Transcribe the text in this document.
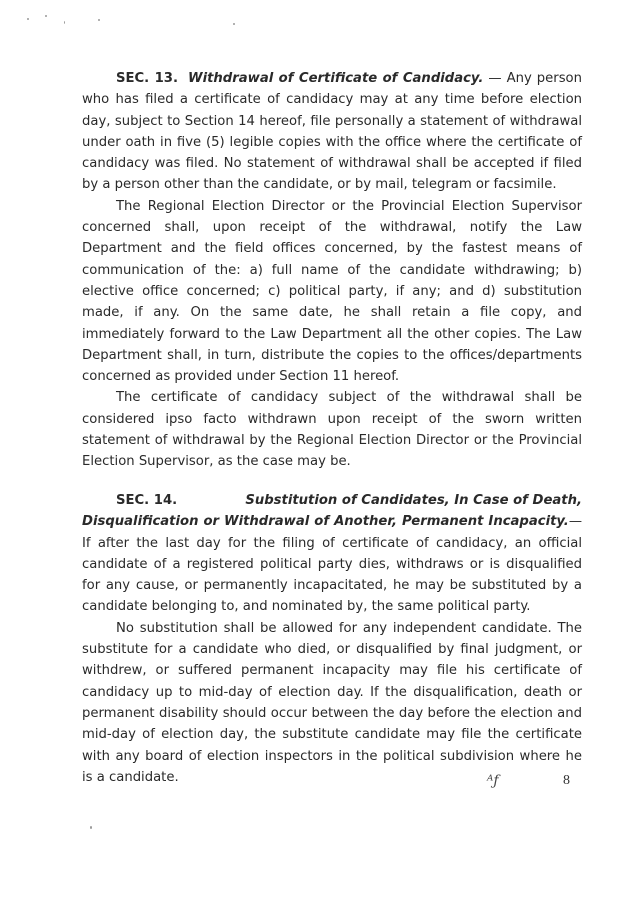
SEC. 13. Withdrawal of Certificate of Candidacy. — Any person who has filed a certificate of candidacy may at any time before election day, subject to Section 14 hereof, file personally a statement of withdrawal under oath in five (5) legible copies with the office where the certificate of candidacy was filed. No statement of withdrawal shall be accepted if filed by a person other than the candidate, or by mail, telegram or facsimile.

The Regional Election Director or the Provincial Election Supervisor concerned shall, upon receipt of the withdrawal, notify the Law Department and the field offices concerned, by the fastest means of communication of the: a) full name of the candidate withdrawing; b) elective office concerned; c) political party, if any; and d) substitution made, if any. On the same date, he shall retain a file copy, and immediately forward to the Law Department all the other copies. The Law Department shall, in turn, distribute the copies to the offices/departments concerned as provided under Section 11 hereof.

The certificate of candidacy subject of the withdrawal shall be considered ipso facto withdrawn upon receipt of the sworn written statement of withdrawal by the Regional Election Director or the Provincial Election Supervisor, as the case may be.

SEC. 14.	Substitution of Candidates, In Case of Death,

Disqualification or Withdrawal of Another, Permanent Incapacity.—If after the last day for the filing of certificate of candidacy, an official candidate of a registered political party dies, withdraws or is disqualified for any cause, or permanently incapacitated, he may be substituted by a candidate belonging to, and nominated by, the same political party.

No substitution shall be allowed for any independent candidate. The substitute for a candidate who died, or disqualified by final judgment, or withdrew, or suffered permanent incapacity may file his certificate of candidacy up to mid-day of election day. If the disqualification, death or permanent disability should occur between the day before the election and mid-day of election day, the substitute candidate may file the certificate with any board of election inspectors in the political subdivision where he is a candidate.	ᴬƒ	8
